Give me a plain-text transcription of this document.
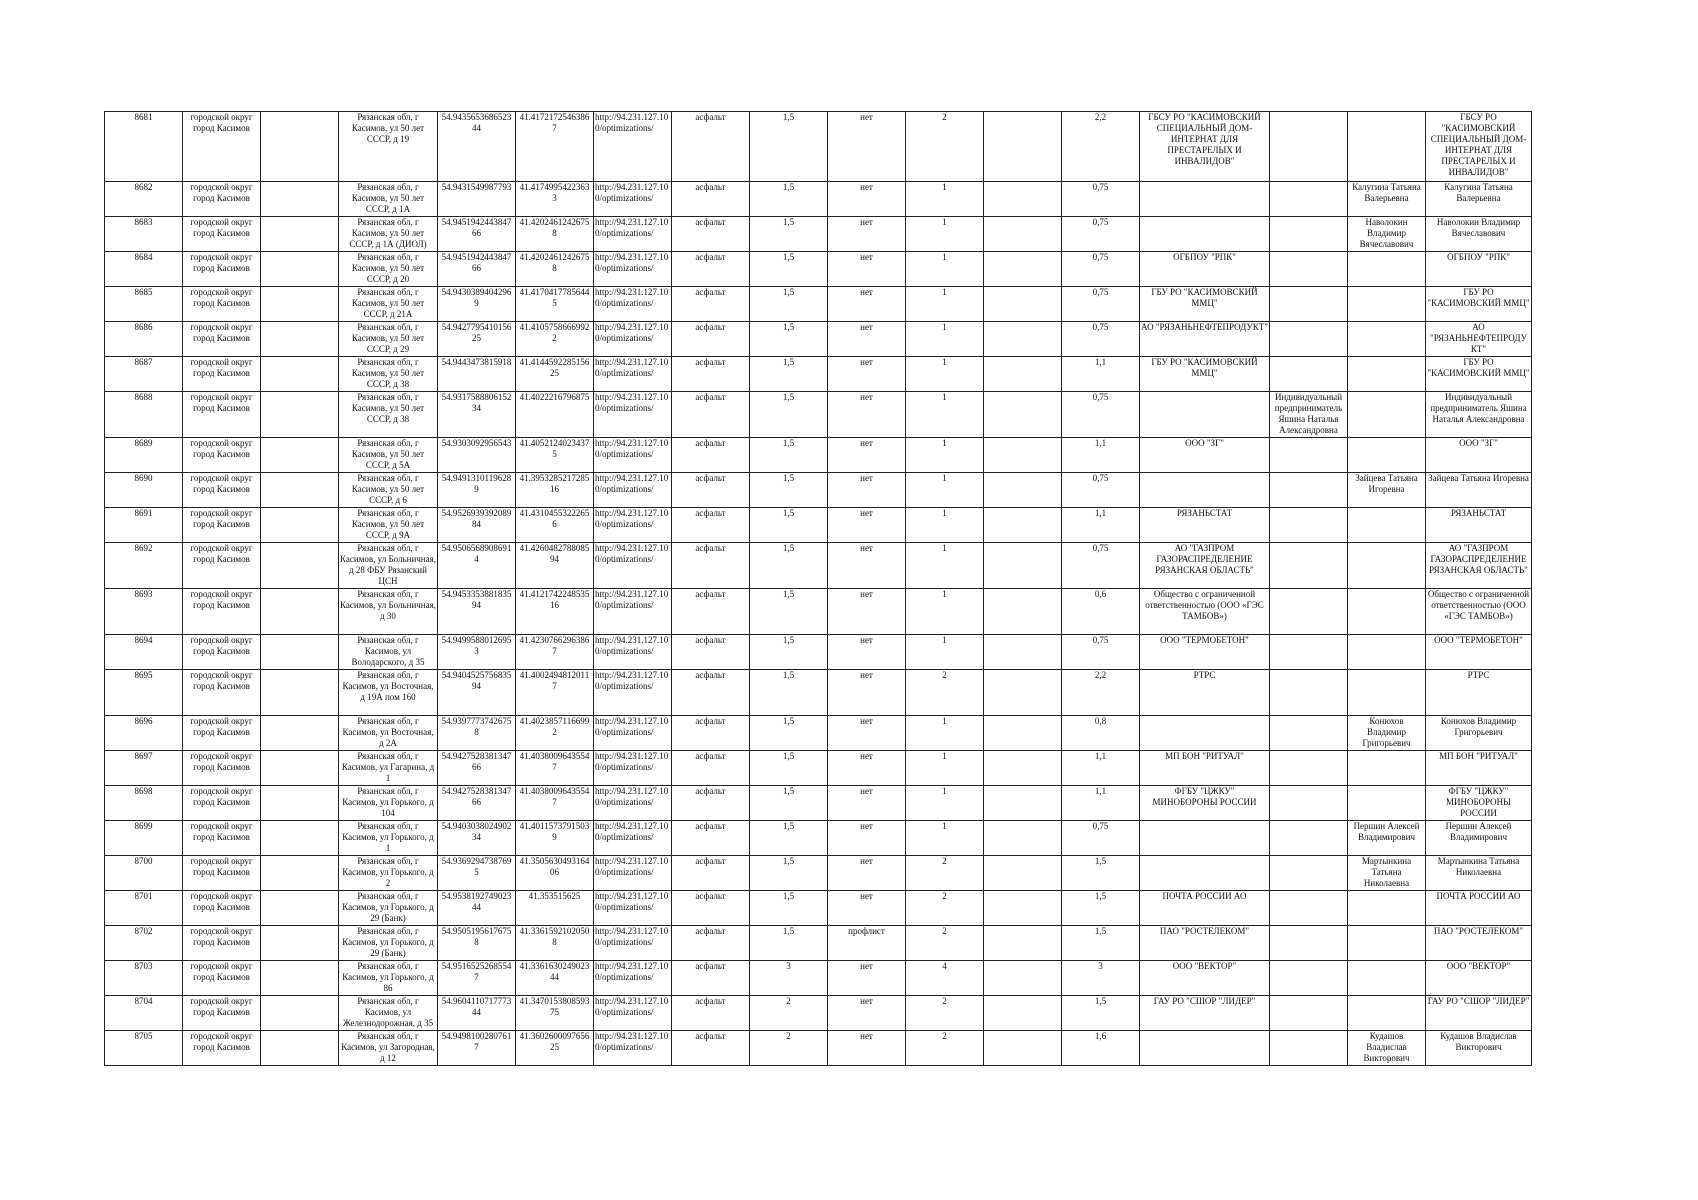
8681	городской округ город Касимов		Рязанская обл, г Касимов, ул 50 лет СССР, д 19	54.9435653686523 44	41.4172172546386 7	http://94.231.127.10 0/optimizations/	асфальт	1,5	нет	2		2,2	ГБСУ РО "КАСИМОВСКИЙ СПЕЦИАЛЬНЫЙ ДОМ-ИНТЕРНАТ ДЛЯ ПРЕСТАРЕЛЫХ И ИНВАЛИДОВ"			ГБСУ РО "КАСИМОВСКИЙ СПЕЦИАЛЬНЫЙ ДОМ-ИНТЕРНАТ ДЛЯ ПРЕСТАРЕЛЫХ И ИНВАЛИДОВ"
8682	городской округ город Касимов		Рязанская обл, г Касимов, ул 50 лет СССР, д 1А	54.9431549987793	41.4174995422363 3	http://94.231.127.10 0/optimizations/	асфальт	1,5	нет	1		0,75			Калугина Татьяна Валерьевна	Калугина Татьяна Валерьевна
8683	городской округ город Касимов		Рязанская обл, г Касимов, ул 50 лет СССР, д 1А (ДИОЛ)	54.9451942443847 66	41.4202461242675 8	http://94.231.127.10 0/optimizations/	асфальт	1,5	нет	1		0,75			Наволокин Владимир Вячеславович	Наволокин Владимир Вячеславович
8684	городской округ город Касимов		Рязанская обл, г Касимов, ул 50 лет СССР, д 20	54.9451942443847 66	41.4202461242675 8	http://94.231.127.10 0/optimizations/	асфальт	1,5	нет	1		0,75	ОГБПОУ "РПК"			ОГБПОУ "РПК"
8685	городской округ город Касимов		Рязанская обл, г Касимов, ул 50 лет СССР, д 21А	54.9430389404296 9	41.4170417785644 5	http://94.231.127.10 0/optimizations/	асфальт	1,5	нет	1		0,75	ГБУ РО "КАСИМОВСКИЙ ММЦ"			ГБУ РО "КАСИМОВСКИЙ ММЦ"
8686	городской округ город Касимов		Рязанская обл, г Касимов, ул 50 лет СССР, д 29	54.9427795410156 25	41.4105758666992 2	http://94.231.127.10 0/optimizations/	асфальт	1,5	нет	1		0,75	АО "РЯЗАНЬНЕФТЕПРОДУКТ"			АО "РЯЗАНЬНЕФТЕПРОДУ КТ"
8687	городской округ город Касимов		Рязанская обл, г Касимов, ул 50 лет СССР, д 38	54.9443473815918	41.4144592285156 25	http://94.231.127.10 0/optimizations/	асфальт	1,5	нет	1		1,1	ГБУ РО "КАСИМОВСКИЙ ММЦ"			ГБУ РО "КАСИМОВСКИЙ ММЦ"
8688	городской округ город Касимов		Рязанская обл, г Касимов, ул 50 лет СССР, д 38	54.9317588806152 34	41.4022216796875	http://94.231.127.10 0/optimizations/	асфальт	1,5	нет	1		0,75		Индивидуальный предприниматель Яшина Наталья Александровна		Индивидуальный предприниматель Яшина Наталья Александровна
8689	городской округ город Касимов		Рязанская обл, г Касимов, ул 50 лет СССР, д 5А	54.9303092956543	41.4052124023437 5	http://94.231.127.10 0/optimizations/	асфальт	1,5	нет	1		1,1	ООО "ЗГ"			ООО "ЗГ"
8690	городской округ город Касимов		Рязанская обл, г Касимов, ул 50 лет СССР, д 6	54.9491310119628 9	41.3953285217285 16	http://94.231.127.10 0/optimizations/	асфальт	1,5	нет	1		0,75			Зайцева Татьяна Игоревна	Зайцева Татьяна Игоревна
8691	городской округ город Касимов		Рязанская обл, г Касимов, ул 50 лет СССР, д 9А	54.9526939392089 84	41.4310455322265 6	http://94.231.127.10 0/optimizations/	асфальт	1,5	нет	1		1,1	РЯЗАНЬСТАТ			РЯЗАНЬСТАТ
8692	городской округ город Касимов		Рязанская обл, г Касимов, ул Больничная, д 28 ФБУ Рязанский ЦСН	54.9506568908691 4	41.4260482788085 94	http://94.231.127.10 0/optimizations/	асфальт	1,5	нет	1		0,75	АО "ГАЗПРОМ ГАЗОРАСПРЕДЕЛЕНИЕ РЯЗАНСКАЯ ОБЛАСТЬ"			АО "ГАЗПРОМ ГАЗОРАСПРЕДЕЛЕНИЕ РЯЗАНСКАЯ ОБЛАСТЬ"
8693	городской округ город Касимов		Рязанская обл, г Касимов, ул Больничная, д 30	54.9453353881835 94	41.4121742248535 16	http://94.231.127.10 0/optimizations/	асфальт	1,5	нет	1		0,6	Общество с ограниченной ответственностью (ООО «ГЭС ТАМБОВ»)			Общество с ограниченной ответственностью (ООО «ГЭС ТАМБОВ»)
8694	городской округ город Касимов		Рязанская обл, г Касимов, ул Володарского, д 35	54.9499588012695 3	41.4230766296386 7	http://94.231.127.10 0/optimizations/	асфальт	1,5	нет	1		0,75	ООО "ТЕРМОБЕТОН"			ООО "ТЕРМОБЕТОН"
8695	городской округ город Касимов		Рязанская обл, г Касимов, ул Восточная, д 19А пом 160	54.9404525756835 94	41.4002494812011 7	http://94.231.127.10 0/optimizations/	асфальт	1,5	нет	2		2,2	РТРС			РТРС
8696	городской округ город Касимов		Рязанская обл, г Касимов, ул Восточная, д 2А	54.9397773742675 8	41.4023857116699 2	http://94.231.127.10 0/optimizations/	асфальт	1,5	нет	1		0,8			Конюхов Владимир Григорьевич	Конюхов Владимир Григорьевич
8697	городской округ город Касимов		Рязанская обл, г Касимов, ул Гагарина, д 1	54.9427528381347 66	41.4038009643554 7	http://94.231.127.10 0/optimizations/	асфальт	1,5	нет	1		1,1	МП БОН "РИТУАЛ"			МП БОН "РИТУАЛ"
8698	городской округ город Касимов		Рязанская обл, г Касимов, ул Горького, д 104	54.9427528381347 66	41.4038009643554 7	http://94.231.127.10 0/optimizations/	асфальт	1,5	нет	1		1,1	ФГБУ "ЦЖКУ" МИНОБОРОНЫ РОССИИ			ФГБУ "ЦЖКУ" МИНОБОРОНЫ РОССИИ
8699	городской округ город Касимов		Рязанская обл, г Касимов, ул Горького, д 1	54.9403038024902 34	41.4011573791503 9	http://94.231.127.10 0/optimizations/	асфальт	1,5	нет	1		0,75			Першин Алексей Владимирович	Першин Алексей Владимирович
8700	городской округ город Касимов		Рязанская обл, г Касимов, ул Горького, д 2	54.9369294738769 5	41.3505630493164 06	http://94.231.127.10 0/optimizations/	асфальт	1,5	нет	2		1,5			Мартынкина Татьяна Николаевна	Мартынкина Татьяна Николаевна
8701	городской округ город Касимов		Рязанская обл, г Касимов, ул Горького, д 29 (Банк)	54.9538192749023 44	41.353515625	http://94.231.127.10 0/optimizations/	асфальт	1,5	нет	2		1,5	ПОЧТА РОССИИ АО			ПОЧТА РОССИИ АО
8702	городской округ город Касимов		Рязанская обл, г Касимов, ул Горького, д 29 (Банк)	54.9505195617675 8	41.3361592102050 8	http://94.231.127.10 0/optimizations/	асфальт	1,5	профлист	2		1,5	ПАО "РОСТЕЛЕКОМ"			ПАО "РОСТЕЛЕКОМ"
8703	городской округ город Касимов		Рязанская обл, г Касимов, ул Горького, д 86	54.9516525268554 7	41.3361630249023 44	http://94.231.127.10 0/optimizations/	асфальт	3	нет	4		3	ООО "ВЕКТОР"			ООО "ВЕКТОР"
8704	городской округ город Касимов		Рязанская обл, г Касимов, ул Железнодорожная, д 35	54.9604110717773 44	41.3470153808593 75	http://94.231.127.10 0/optimizations/	асфальт	2	нет	2		1,5	ГАУ РО "СШОР "ЛИДЕР"			ГАУ РО "СШОР "ЛИДЕР"
8705	городской округ город Касимов		Рязанская обл, г Касимов, ул Загородная, д 12	54.9498100280761 7	41.3602600097656 25	http://94.231.127.10 0/optimizations/	асфальт	2	нет	2		1,6			Кудашов Владислав Викторович	Кудашов Владислав Викторович
